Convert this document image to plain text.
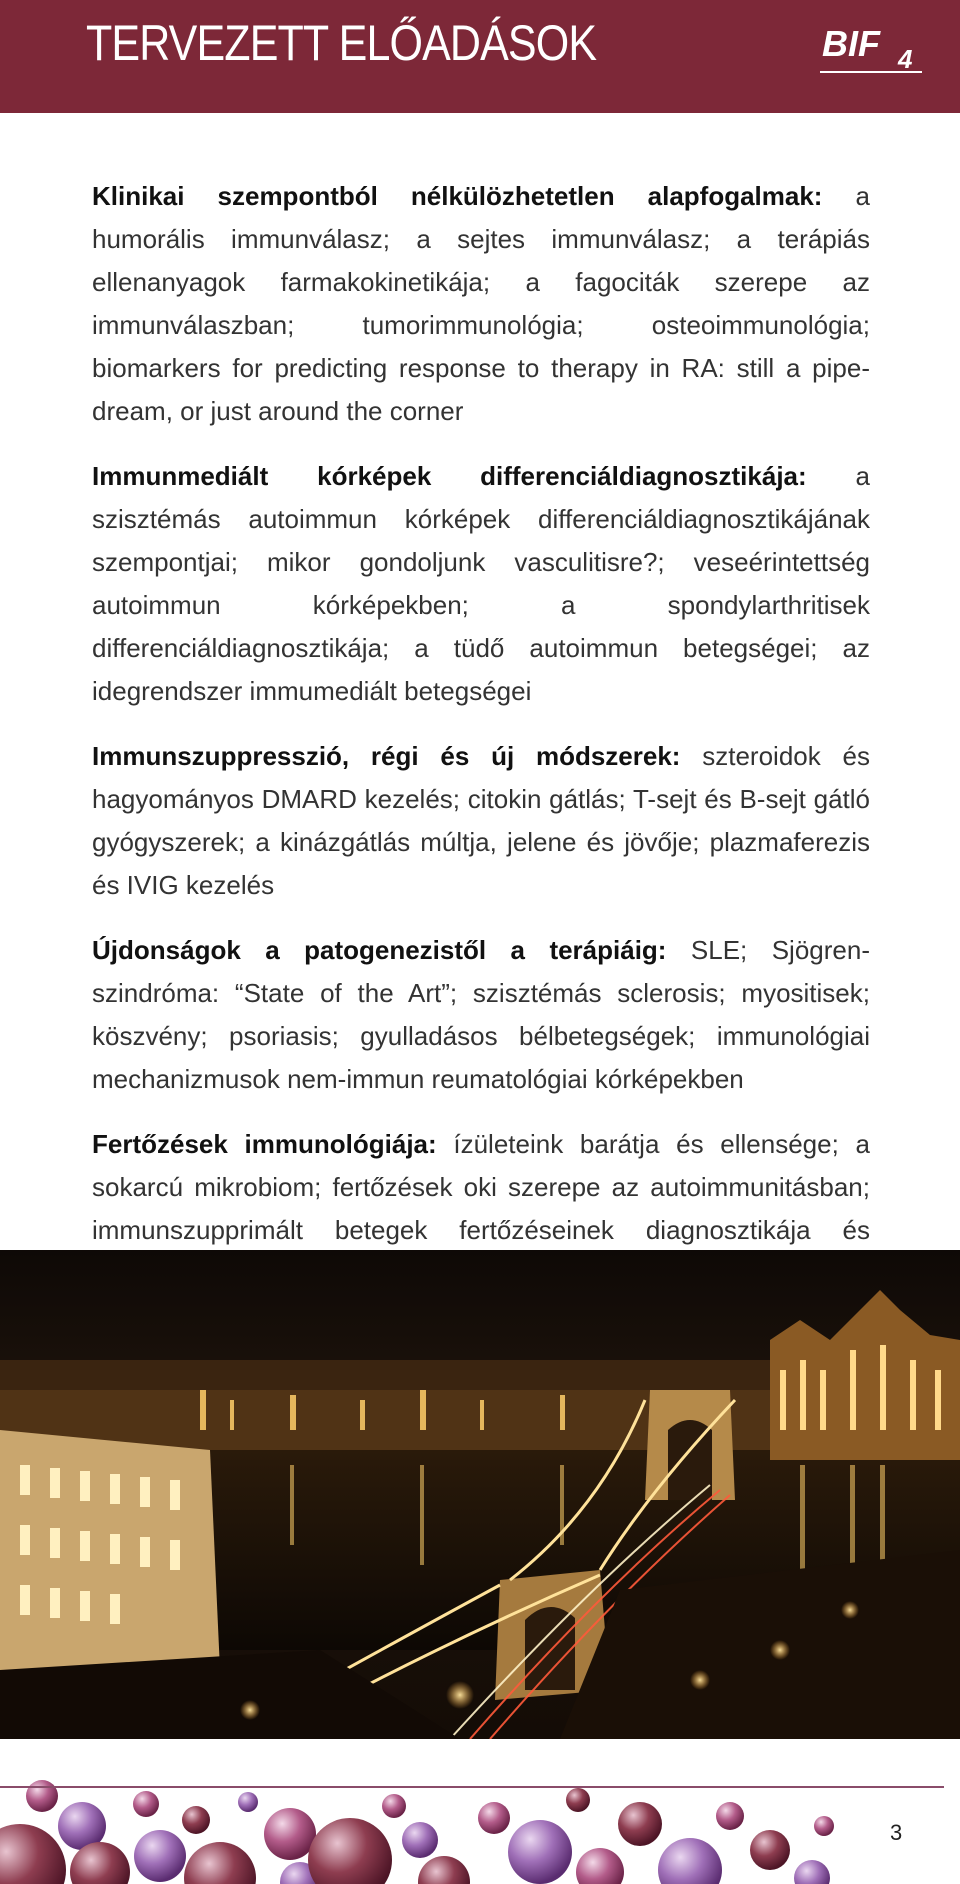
TERVEZETT ELŐADÁSOK	BIF 4

Klinikai szempontból nélkülözhetetlen alapfogalmak: a humorális immunválasz; a sejtes immunválasz; a terápiás ellenanyagok farmakokinetikája; a fagociták szerepe az immunválaszban; tumorimmunológia; osteoimmunológia; biomarkers for predicting response to therapy in RA: still a pipe-dream, or just around the corner

Immunmediált kórképek differenciáldiagnosztikája: a szisztémás autoimmun kórképek differenciáldiagnosztikájának szempontjai; mikor gondoljunk vasculitisre?; veseérintettség autoimmun kórképekben; a spondylarthritisek differenciáldiagnosztikája; a tüdő autoimmun betegségei; az idegrendszer immumediált betegségei

Immunszuppresszió, régi és új módszerek: szteroidok és hagyományos DMARD kezelés; citokin gátlás; T-sejt és B-sejt gátló gyógyszerek; a kinázgátlás múltja, jelene és jövője; plazmaferezis és IVIG kezelés

Újdonságok a patogenezistől a terápiáig: SLE; Sjögren-szindróma: “State of the Art”; szisztémás sclerosis; myositisek; köszvény; psoriasis; gyulladásos bélbetegségek; immunológiai mechanizmusok nem-immun reumatológiai kórképekben

Fertőzések immunológiája: ízületeink barátja és ellensége; a sokarcú mikrobiom; fertőzések oki szerepe az autoimmunitásban; immunszupprimált betegek fertőzéseinek diagnosztikája és

3
